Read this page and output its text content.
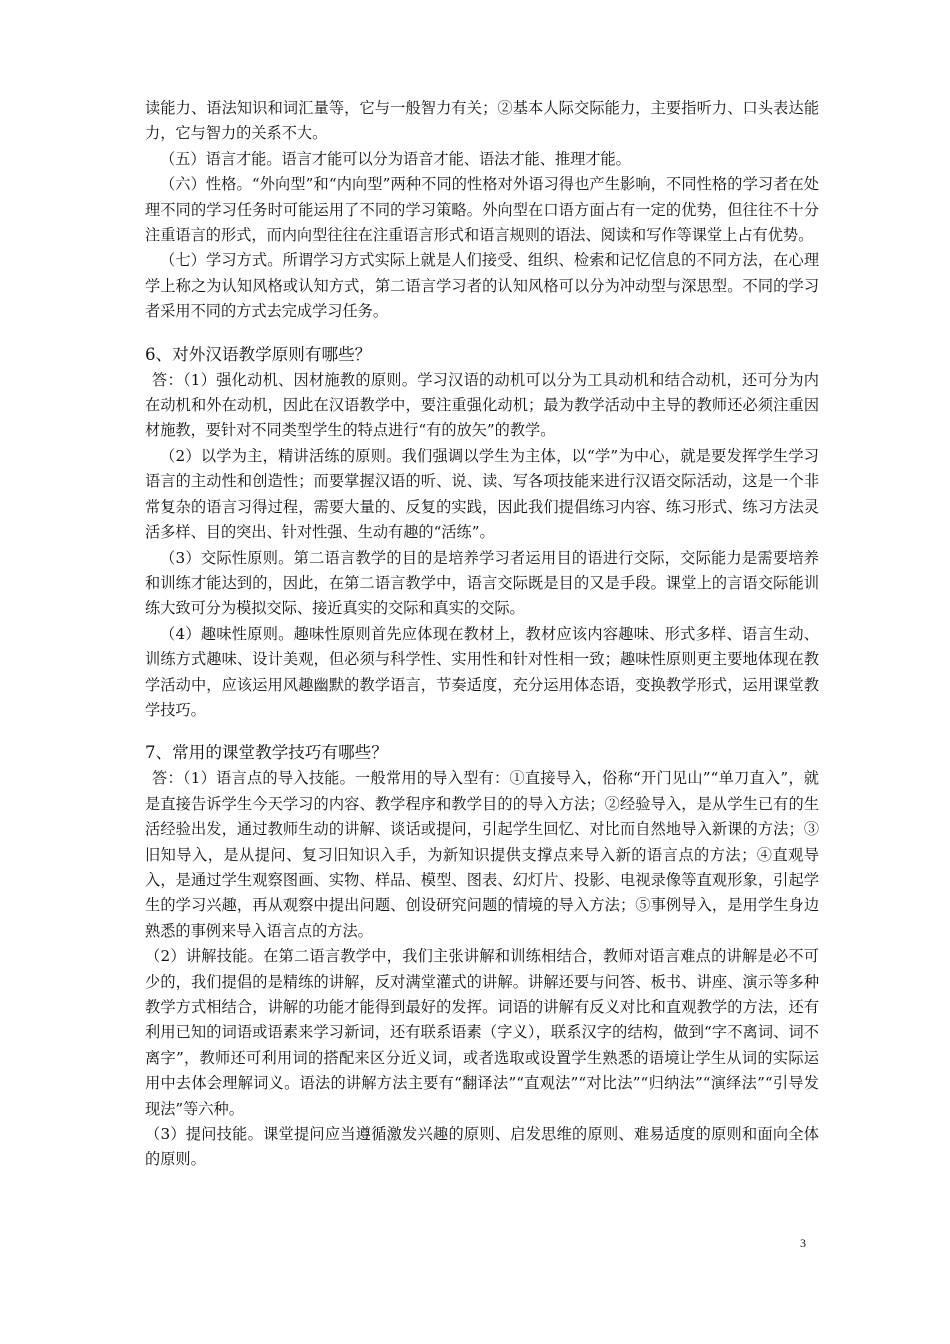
读能力、语法知识和词汇量等，它与一般智力有关；②基本人际交际能力，主要指听力、口头表达能力，它与智力的关系不大。

（五）语言才能。语言才能可以分为语音才能、语法才能、推理才能。

（六）性格。“外向型”和“内向型”两种不同的性格对外语习得也产生影响，不同性格的学习者在处理不同的学习任务时可能运用了不同的学习策略。外向型在口语方面占有一定的优势，但往往不十分注重语言的形式，而内向型往往在注重语言形式和语言规则的语法、阅读和写作等课堂上占有优势。

（七）学习方式。所谓学习方式实际上就是人们接受、组织、检索和记忆信息的不同方法，在心理学上称之为认知风格或认知方式，第二语言学习者的认知风格可以分为冲动型与深思型。不同的学习者采用不同的方式去完成学习任务。

6、对外汉语教学原则有哪些？

答：（1）强化动机、因材施教的原则。学习汉语的动机可以分为工具动机和结合动机，还可分为内在动机和外在动机，因此在汉语教学中，要注重强化动机；最为教学活动中主导的教师还必须注重因材施教，要针对不同类型学生的特点进行“有的放矢”的教学。

（2）以学为主，精讲活练的原则。我们强调以学生为主体，以“学”为中心，就是要发挥学生学习语言的主动性和创造性；而要掌握汉语的听、说、读、写各项技能来进行汉语交际活动，这是一个非常复杂的语言习得过程，需要大量的、反复的实践，因此我们提倡练习内容、练习形式、练习方法灵活多样、目的突出、针对性强、生动有趣的“活练”。

（3）交际性原则。第二语言教学的目的是培养学习者运用目的语进行交际，交际能力是需要培养和训练才能达到的，因此，在第二语言教学中，语言交际既是目的又是手段。课堂上的言语交际能训练大致可分为模拟交际、接近真实的交际和真实的交际。

（4）趣味性原则。趣味性原则首先应体现在教材上，教材应该内容趣味、形式多样、语言生动、训练方式趣味、设计美观，但必须与科学性、实用性和针对性相一致；趣味性原则更主要地体现在教学活动中，应该运用风趣幽默的教学语言，节奏适度，充分运用体态语，变换教学形式，运用课堂教学技巧。

7、常用的课堂教学技巧有哪些？

答：（1）语言点的导入技能。一般常用的导入型有：①直接导入，俗称“开门见山”“单刀直入”，就是直接告诉学生今天学习的内容、教学程序和教学目的的导入方法；②经验导入，是从学生已有的生活经验出发，通过教师生动的讲解、谈话或提问，引起学生回忆、对比而自然地导入新课的方法；③旧知导入，是从提问、复习旧知识入手，为新知识提供支撑点来导入新的语言点的方法；④直观导入，是通过学生观察图画、实物、样品、模型、图表、幻灯片、投影、电视录像等直观形象，引起学生的学习兴趣，再从观察中提出问题、创设研究问题的情境的导入方法；⑤事例导入，是用学生身边熟悉的事例来导入语言点的方法。

（2）讲解技能。在第二语言教学中，我们主张讲解和训练相结合，教师对语言难点的讲解是必不可少的，我们提倡的是精练的讲解，反对满堂灌式的讲解。讲解还要与问答、板书、讲座、演示等多种教学方式相结合，讲解的功能才能得到最好的发挥。词语的讲解有反义对比和直观教学的方法，还有利用已知的词语或语素来学习新词，还有联系语素（字义），联系汉字的结构，做到“字不离词、词不离字”，教师还可利用词的搭配来区分近义词，或者选取或设置学生熟悉的语境让学生从词的实际运用中去体会理解词义。语法的讲解方法主要有“翻译法”“直观法”“对比法”“归纳法”“演绎法”“引导发现法”等六种。

（3）提问技能。课堂提问应当遵循激发兴趣的原则、启发思维的原则、难易适度的原则和面向全体的原则。

3
